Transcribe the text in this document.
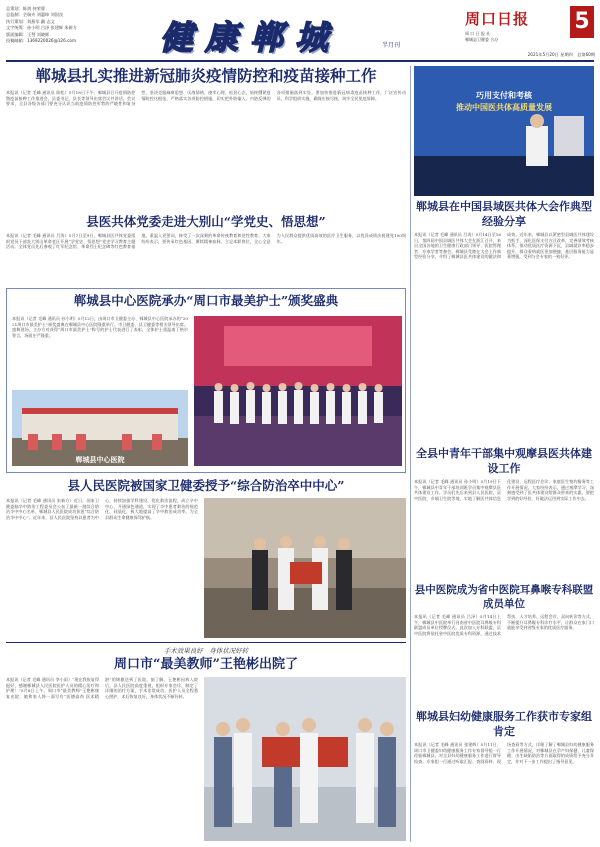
总策划：陈鸿 何荣曹
总监制：仝瑞卉 刘惠坤 刘国良
执行策划：刘燕军 戴 志文
文字统筹：孙小明 吕泽 张建辉 朱新方
版面编辑：王彗 刘晓辉
投稿邮箱：1369220026@126.com	健康郸城	半月刊
周口日报
周 口 日 报 社
郸城县卫健委 合办
5
2021年5月20日 星期四 总第60期
郸城县扎实推进新冠肺炎疫情防控和疫苗接种工作
本报讯（记者 毛峰 通讯员 陈松）5月18日下午，郸城县召开疫情防控暨疫苗接种工作推进会，县委书记、县长等领导出席会议并讲话。会议要求，全县各级各部门要充分认识当前疫情防控形势的严峻性和复杂性，坚决克服麻痹思想、厌战情绪、侥幸心理、松劲心态，始终绷紧疫情防控这根弦，严格落实各项防控措施，切实把外防输入、内防反弹的各项措施落到实处。要加快推进新冠病毒疫苗接种工作，广泛宣传动员，科学组织实施，确保应接尽接，筑牢全民免疫屏障。
县医共体党委走进大别山“学党史、悟思想”
本报讯（记者 毛峰 通讯员 吕涛）5月7日至9日，郸城县医共体党委组织党员干部赴大别山革命老区开展“学党史、悟思想”党史学习教育主题活动。全体党员先后参观了红军纪念馆、革命烈士纪念碑等红色教育基地，重温入党誓词，接受了一次深刻的革命传统教育和党性教育。大家纷纷表示，要传承红色基因，赓续精神血脉，立足本职岗位，全心全意为人民群众提供优质高效的医疗卫生服务，以优异成绩庆祝建党100周年。
郸城县中心医院承办“周口市最美护士”颁奖盛典
本报讯（记者 毛峰 通讯员 孙小明）5月12日，由周口市卫健委主办、郸城县中心医院承办的“2021周口市最美护士”颁奖盛典在郸城县中心医院隆重举行。市卫健委、县卫健委等相关领导出席。盛典现场，主办方对获得“周口市最美护士”称号的护士代表进行了表彰，全体护士重温南丁格尔誓言，场面庄严隆重。
郸城县中心医院
县人民医院被国家卫健委授予“综合防治卒中中心”
本报讯（记者 毛峰 通讯员 朱新方）近日，国家卫健委脑卒中防治工程委员会公布了最新一批综合防治卒中中心名单，郸城县人民医院成功获批“综合防治卒中中心”。近年来，县人民医院坚持以患者为中心，持续加强学科建设，优化救治流程，成立卒中中心，开通绿色通道，实现了卒中患者救治的规范化、同质化，极大地提高了卒中救治成功率，为全县群众生命健康保驾护航。
手术效果良好　身体状况好转
周口市“最美教师”王艳彬出院了
本报讯（记者 毛峰 通讯员 李小雨）“现在我恢复得挺好，感谢郸城县人民医院医护人员的精心治疗和护理！”5月8日上午，周口市“最美教师”王艳彬康复出院，她和家人将一面写有“医德高尚 医术精湛”的锦旗送到了医院。据了解，王艳彬因病入院后，县人民医院高度重视，组织专家会诊，制定了详细的治疗方案，手术非常成功。医护人员全程悉心照护，术后恢复良好，身体状况不断好转。
巧用支付和考核
推动中国医共体高质量发展
郸城县在中国县域医共体大会作典型经验分享
本报讯（记者 毛峰 通讯员 吕涛）5月14日至16日，第四届中国县域医共体大会在浙江召开，来自全国各地的卫生健康行政部门领导、医院管理者、专家学者等参会。郸城县受邀在大会上作典型经验分享，介绍了郸城县医共体建设的做法和成效。近年来，郸城县以紧密型县域医共体建设为抓手，深化医保支付方式改革，完善绩效考核体系，推动优质医疗资源下沉，县域就诊率稳步提升，群众看病就医更加便捷，基层服务能力显著增强，受到与会专家的一致好评。
全县中青年干部集中观摩县医共体建设工作
本报讯（记者 毛峰 通讯员 孙小明）5月19日下午，郸城县中青年干部培训班学员集中观摩县医共体建设工作。学员们先后来到县人民医院、县中医院、乡镇卫生院等地，实地了解医共体信息化建设、远程医疗会诊、家庭医生签约服务等工作开展情况。大家纷纷表示，通过观摩学习，深刻感受到了医共体建设给群众带来的实惠，要把学到的好经验、好做法运用到实际工作中去。
县中医院成为省中医院耳鼻喉专科联盟成员单位
本报讯（记者 毛峰 通讯员 吕泽）5月14日上午，郸城县中医院举行河南省中医院耳鼻喉专科联盟成员单位授牌仪式。此次加入专科联盟，县中医院将依托省中医院优质专科资源，通过技术帮扶、人才培养、远程会诊、双向转诊等方式，不断提升耳鼻喉专科诊疗水平，让群众在家门口就能享受到省级专家的优质医疗服务。
郸城县妇幼健康服务工作获市专家组肯定
本报讯（记者 毛峰 通讯员 张建辉）5月11日，周口市卫健委妇幼健康服务工作专家督导组一行莅临郸城县，对全县妇幼健康服务工作进行督导检查。专家组一行通过听取汇报、查阅资料、现场查看等方式，详细了解了郸城县妇幼健康服务工作开展情况，对郸城县在孕产妇保健、儿童保健、出生缺陷防治等方面取得的成绩给予充分肯定，并对下一步工作提出了指导意见。
